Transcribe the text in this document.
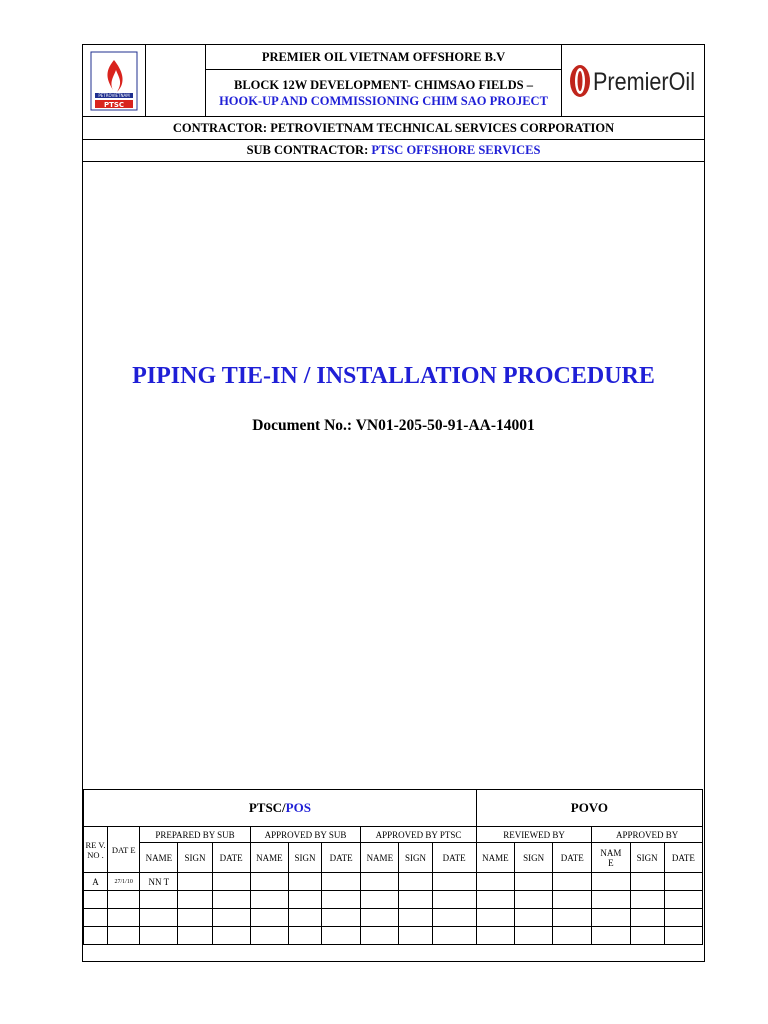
PETROVIETNAM
PTSC
PREMIER OIL VIETNAM OFFSHORE B.V
BLOCK 12W DEVELOPMENT- CHIMSAO FIELDS –
HOOK-UP AND COMMISSIONING CHIM SAO PROJECT
PremierOil
CONTRACTOR:
PETROVIETNAM TECHNICAL SERVICES CORPORATION
SUB CONTRACTOR:
PTSC OFFSHORE SERVICES
PIPING TIE-IN / INSTALLATION PROCEDURE
Document No.: VN01-205-50-91-AA-14001
PTSC/POS											POVO					
RE V. NO .	DAT E	PREPARED BY SUB			APPROVED BY SUB			APPROVED BY PTSC			REVIEWED BY			APPROVED BY		
		NAME	SIGN	DATE	NAME	SIGN	DATE	NAME	SIGN	DATE	NAME	SIGN	DATE	NAM E	SIGN	DATE
A	27/1/10	NN T														
